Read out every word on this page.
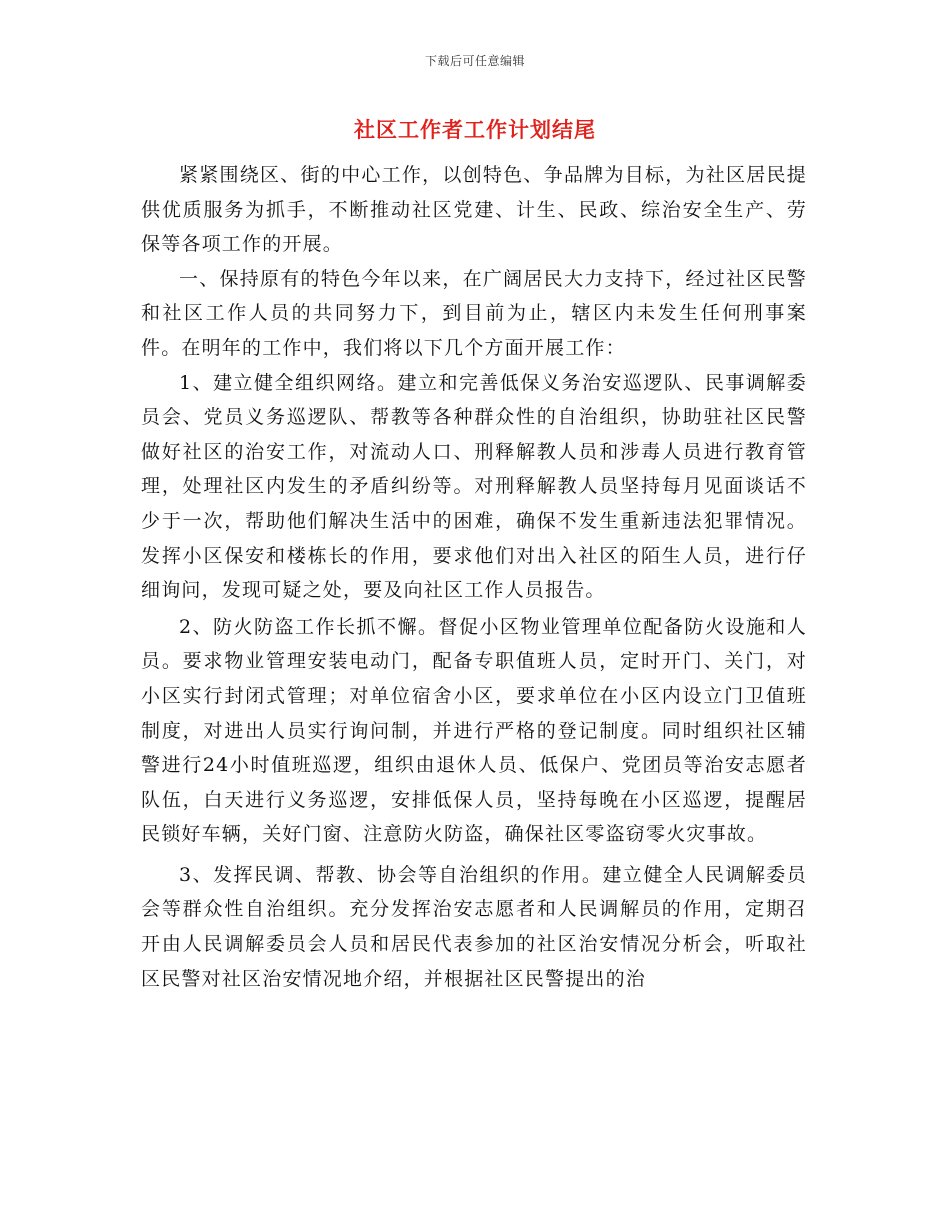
下载后可任意编辑
社区工作者工作计划结尾

紧紧围绕区、街的中心工作，以创特色、争品牌为目标，为社区居民提供优质服务为抓手，不断推动社区党建、计生、民政、综治安全生产、劳保等各项工作的开展。

一、保持原有的特色今年以来，在广阔居民大力支持下，经过社区民警和社区工作人员的共同努力下，到目前为止，辖区内未发生任何刑事案件。在明年的工作中，我们将以下几个方面开展工作：

1、建立健全组织网络。建立和完善低保义务治安巡逻队、民事调解委员会、党员义务巡逻队、帮教等各种群众性的自治组织，协助驻社区民警做好社区的治安工作，对流动人口、刑释解教人员和涉毒人员进行教育管理，处理社区内发生的矛盾纠纷等。对刑释解教人员坚持每月见面谈话不少于一次，帮助他们解决生活中的困难，确保不发生重新违法犯罪情况。发挥小区保安和楼栋长的作用，要求他们对出入社区的陌生人员，进行仔细询问，发现可疑之处，要及向社区工作人员报告。

2、防火防盗工作长抓不懈。督促小区物业管理单位配备防火设施和人员。要求物业管理安装电动门，配备专职值班人员，定时开门、关门，对小区实行封闭式管理；对单位宿舍小区，要求单位在小区内设立门卫值班制度，对进出人员实行询问制，并进行严格的登记制度。同时组织社区辅警进行24小时值班巡逻，组织由退休人员、低保户、党团员等治安志愿者队伍，白天进行义务巡逻，安排低保人员，坚持每晚在小区巡逻，提醒居民锁好车辆，关好门窗、注意防火防盗，确保社区零盗窃零火灾事故。

3、发挥民调、帮教、协会等自治组织的作用。建立健全人民调解委员会等群众性自治组织。充分发挥治安志愿者和人民调解员的作用，定期召开由人民调解委员会人员和居民代表参加的社区治安情况分析会，听取社区民警对社区治安情况地介绍，并根据社区民警提出的治
